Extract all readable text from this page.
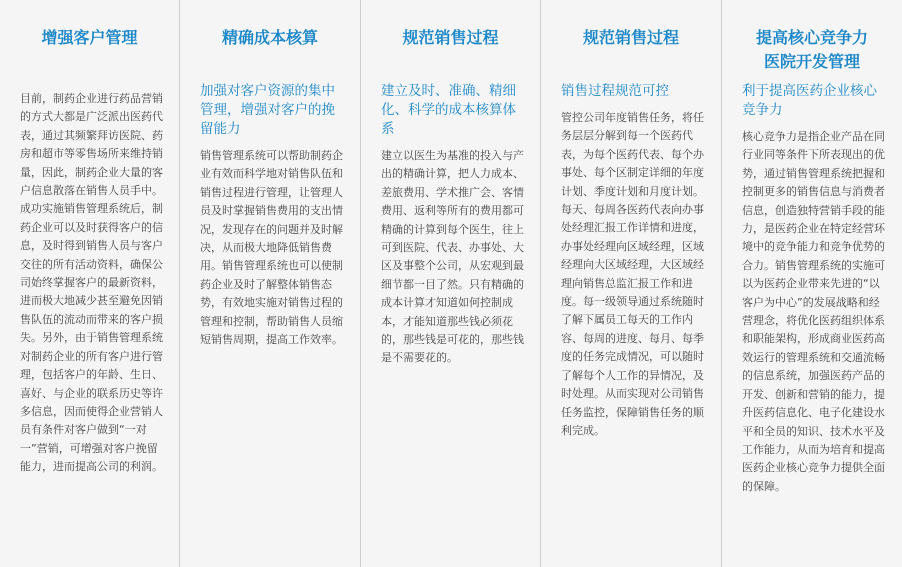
增强客户管理
目前，制药企业进行药品营销的方式大都是广泛派出医药代表，通过其频繁拜访医院、药房和超市等零售场所来维持销量，因此，制药企业大量的客户信息散落在销售人员手中。成功实施销售管理系统后，制药企业可以及时获得客户的信息，及时得到销售人员与客户交往的所有活动资料，确保公司始终掌握客户的最新资料，进而极大地减少甚至避免因销售队伍的流动而带来的客户损失。另外，由于销售管理系统对制药企业的所有客户进行管理，包括客户的年龄、生日、喜好、与企业的联系历史等许多信息，因而使得企业营销人员有条件对客户做到“一对一”营销，可增强对客户挽留能力，进而提高公司的利润。
精确成本核算
加强对客户资源的集中管理，增强对客户的挽留能力
销售管理系统可以帮助制药企业有效而科学地对销售队伍和销售过程进行管理，让管理人员及时掌握销售费用的支出情况，发现存在的问题并及时解决，从而极大地降低销售费用。销售管理系统也可以使制药企业及时了解整体销售态势，有效地实施对销售过程的管理和控制，帮助销售人员缩短销售周期，提高工作效率。
规范销售过程
建立及时、准确、精细化、科学的成本核算体系
建立以医生为基准的投入与产出的精确计算，把人力成本、差旅费用、学术推广会、客情费用、返利等所有的费用都可精确的计算到每个医生，往上可到医院、代表、办事处、大区及事整个公司，从宏观到最细节都一目了然。只有精确的成本计算才知道如何控制成本，才能知道那些钱必须花的，那些钱是可花的，那些钱是不需要花的。
规范销售过程
销售过程规范可控
管控公司年度销售任务，将任务层层分解到每一个医药代表，为每个医药代表、每个办事处、每个区制定详细的年度计划、季度计划和月度计划。每天、每周各医药代表向办事处经理汇报工作详情和进度，办事处经理向区域经理，区域经理向大区域经理，大区域经理向销售总监汇报工作和进度。每一级领导通过系统随时了解下属员工每天的工作内容、每周的进度、每月、每季度的任务完成情况，可以随时了解每个人工作的异情况，及时处理。从而实现对公司销售任务监控，保障销售任务的顺利完成。
提高核心竞争力
医院开发管理
利于提高医药企业核心竞争力
核心竞争力是指企业产品在同行业同等条件下所表现出的优势，通过销售管理系统把握和控制更多的销售信息与消费者信息，创造独特营销手段的能力，是医药企业在特定经营环境中的竞争能力和竞争优势的合力。销售管理系统的实施可以为医药企业带来先进的“以客户为中心”的发展战略和经营理念，将优化医药组织体系和职能架构，形成商业医药高效运行的管理系统和交通流畅的信息系统，加强医药产品的开发、创新和营销的能力，提升医药信息化、电子化建设水平和全员的知识、技术水平及工作能力，从而为培育和提高医药企业核心竞争力提供全面的保障。
